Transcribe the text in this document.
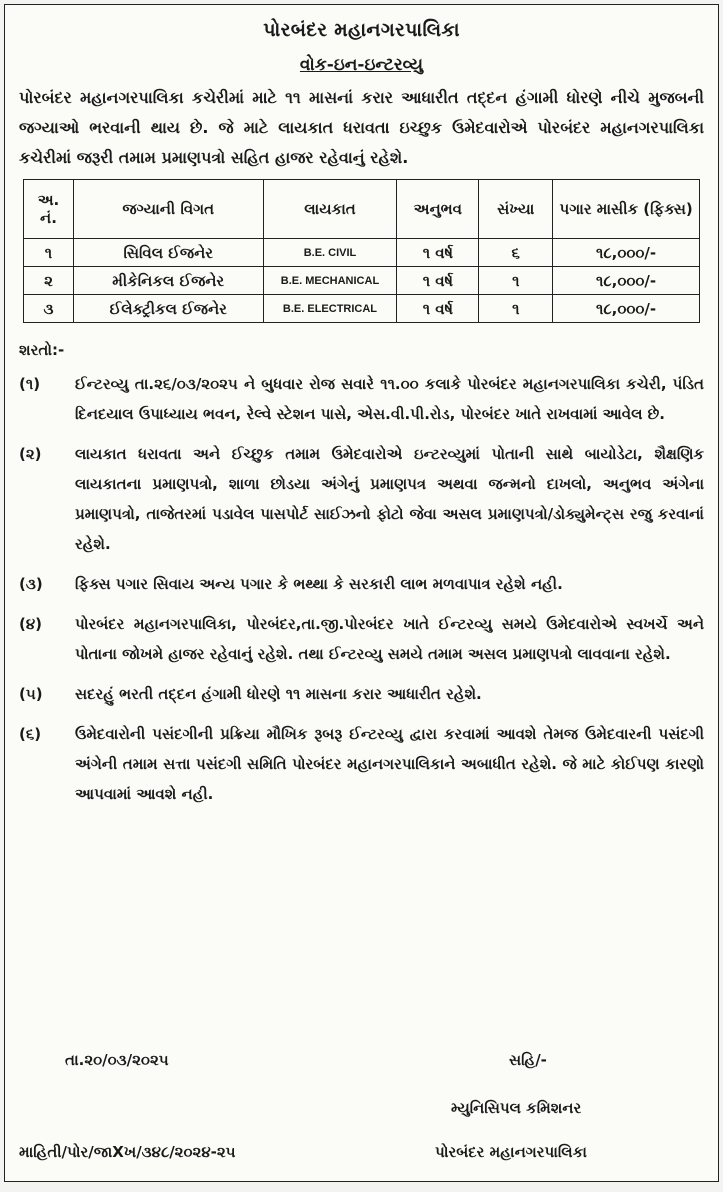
પોરબંદર મહાનગરપાલિકા
વોક-ઇન-ઇન્ટરવ્યુ
પોરબંદર મહાનગરપાલિકા કચેરીમાં માટે ૧૧ માસનાં કરાર આધારીત તદ્દન હંગામી ધોરણે નીચે મુજબની જગ્યાઓ ભરવાની થાય છે. જે માટે લાયકાત ધરાવતા ઇચ્છુક ઉમેદવારોએ પોરબંદર મહાનગરપાલિકા કચેરીમાં જરૂરી તમામ પ્રમાણપત્રો સહિત હાજર રહેવાનું રહેશે.
અ. નં.	જગ્યાની વિગત	લાયકાત	અનુભવ	સંખ્યા	પગાર માસીક (ફિક્સ)
૧	સિવિલ ઈજનેર	B.E. CIVIL	૧ વર્ષ	૬	૧૮,૦૦૦/-
૨	મીકેનિકલ ઈજનેર	B.E. MECHANICAL	૧ વર્ષ	૧	૧૮,૦૦૦/-
૩	ઈલેક્ટ્રીકલ ઈજનેર	B.E. ELECTRICAL	૧ વર્ષ	૧	૧૮,૦૦૦/-
શરતો:-
(૧)	ઈન્ટરવ્યુ તા.૨૬/૦૩/૨૦૨૫ ને બુધવાર રોજ સવારે ૧૧.૦૦ કલાકે પોરબંદર મહાનગરપાલિકા કચેરી, પંડિત દિનદયાલ ઉપાધ્યાય ભવન, રેલ્વે સ્ટેશન પાસે, એસ.વી.પી.રોડ, પોરબંદર ખાતે રાખવામાં આવેલ છે.
(૨)	લાયકાત ધરાવતા અને ઈચ્છુક તમામ ઉમેદવારોએ ઇન્ટરવ્યુમાં પોતાની સાથે બાયોડેટા, શૈક્ષણિક લાયકાતના પ્રમાણપત્રો, શાળા છોડયા અંગેનું પ્રમાણપત્ર અથવા જન્મનો દાખલો, અનુભવ અંગેના પ્રમાણપત્રો, તાજેતરમાં પડાવેલ પાસપોર્ટ સાઈઝનો ફોટો જેવા અસલ પ્રમાણપત્રો/ડોક્યુમેન્ટ્સ રજુ કરવાનાં રહેશે.
(૩)	ફિક્સ પગાર સિવાય અન્ય પગાર કે ભથ્થા કે સરકારી લાભ મળવાપાત્ર રહેશે નહી.
(૪)	પોરબંદર મહાનગરપાલિકા, પોરબંદર,તા.જી.પોરબંદર ખાતે ઈન્ટરવ્યુ સમયે ઉમેદવારોએ સ્વખર્ચે અને પોતાના જોખમે હાજર રહેવાનું રહેશે. તથા ઈન્ટરવ્યુ સમયે તમામ અસલ પ્રમાણપત્રો લાવવાના રહેશે.
(૫)	સદરહું ભરતી તદ્દન હંગામી ધોરણે ૧૧ માસના કરાર આધારીત રહેશે.
(૬)	ઉમેદવારોની પસંદગીની પ્રક્રિયા મૌખિક રૂબરૂ ઈન્ટરવ્યુ દ્વારા કરવામાં આવશે તેમજ ઉમેદવારની પસંદગી અંગેની તમામ સત્તા પસંદગી સમિતિ પોરબંદર મહાનગરપાલિકાને અબાધીત રહેશે. જે માટે કોઈપણ કારણો આપવામાં આવશે નહી.
તા.૨૦/૦૩/૨૦૨૫	સહિ/-
મ્યુનિસિપલ કમિશનર
માહિતી/પોર/જાXખ/૩૪૮/૨૦૨૪-૨૫	પોરબંદર મહાનગરપાલિકા
